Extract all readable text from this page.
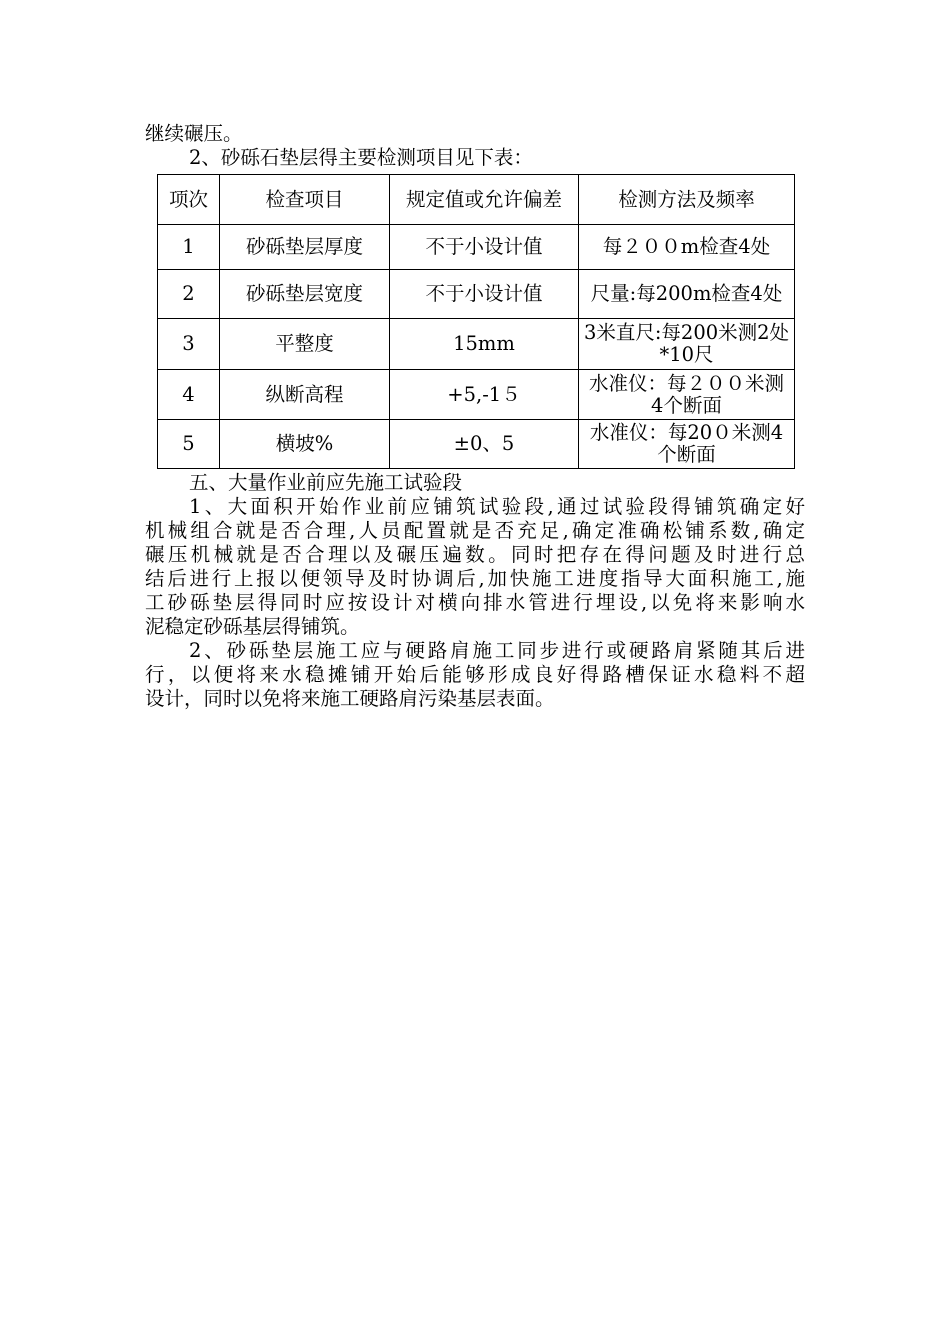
继续碾压。
2、砂砾石垫层得主要检测项目见下表：
项次	检查项目	规定值或允许偏差	检测方法及频率
1	砂砾垫层厚度	不于小设计值	每２００m检查4处
2	砂砾垫层宽度	不于小设计值	尺量:每200m检查4处
3	平整度	15mm	3米直尺:每200米测2处*10尺
4	纵断高程	+5,-1５	水准仪：每２００米测4个断面
5	横坡%	±0、5	水准仪：每20０米测4个断面
五、大量作业前应先施工试验段
1、大面积开始作业前应铺筑试验段,通过试验段得铺筑确定好
机械组合就是否合理,人员配置就是否充足,确定准确松铺系数,确定
碾压机械就是否合理以及碾压遍数。同时把存在得问题及时进行总
结后进行上报以便领导及时协调后,加快施工进度指导大面积施工,施
工砂砾垫层得同时应按设计对横向排水管进行埋设,以免将来影响水
泥稳定砂砾基层得铺筑。
2、砂砾垫层施工应与硬路肩施工同步进行或硬路肩紧随其后进
行，以便将来水稳摊铺开始后能够形成良好得路槽保证水稳料不超
设计，同时以免将来施工硬路肩污染基层表面。
